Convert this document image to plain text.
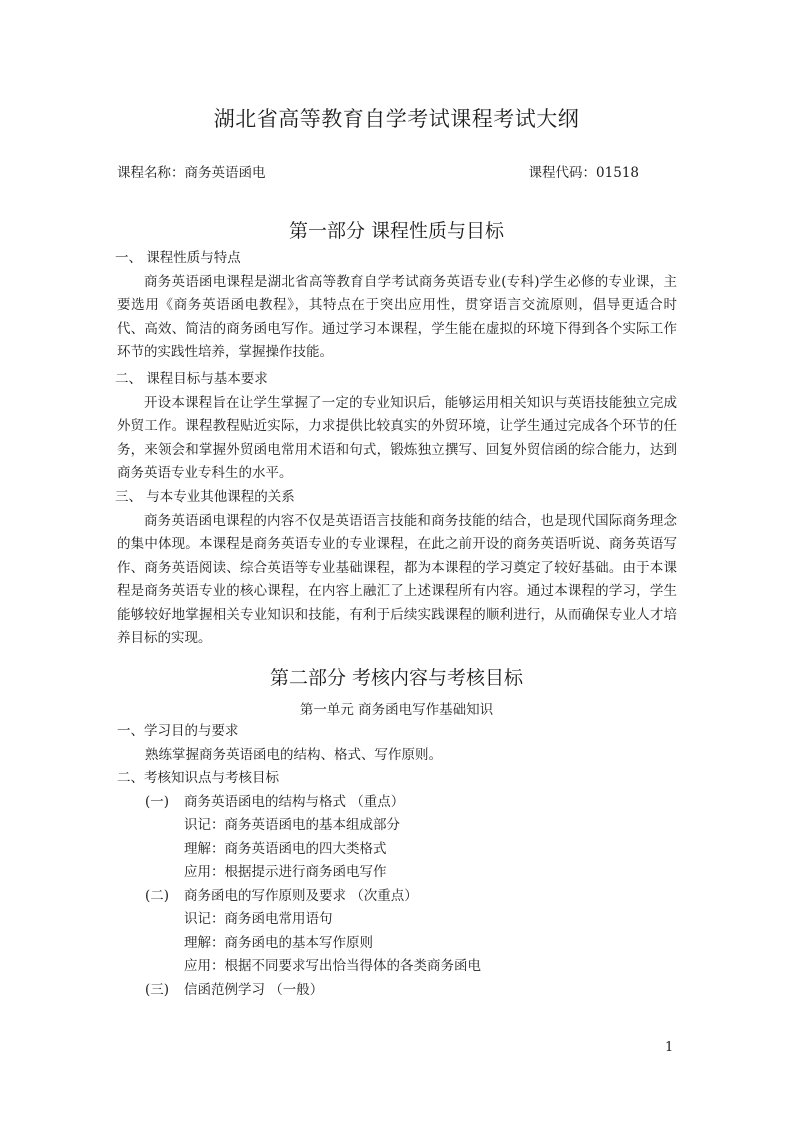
湖北省高等教育自学考试课程考试大纲
课程名称：商务英语函电	课程代码：01518
第一部分 课程性质与目标
一、 课程性质与特点
商务英语函电课程是湖北省高等教育自学考试商务英语专业(专科)学生必修的专业课，主要选用《商务英语函电教程》，其特点在于突出应用性，贯穿语言交流原则，倡导更适合时代、高效、简洁的商务函电写作。通过学习本课程，学生能在虚拟的环境下得到各个实际工作环节的实践性培养，掌握操作技能。
二、 课程目标与基本要求
开设本课程旨在让学生掌握了一定的专业知识后，能够运用相关知识与英语技能独立完成外贸工作。课程教程贴近实际，力求提供比较真实的外贸环境，让学生通过完成各个环节的任务，来领会和掌握外贸函电常用术语和句式，锻炼独立撰写、回复外贸信函的综合能力，达到商务英语专业专科生的水平。
三、 与本专业其他课程的关系
商务英语函电课程的内容不仅是英语语言技能和商务技能的结合，也是现代国际商务理念的集中体现。本课程是商务英语专业的专业课程，在此之前开设的商务英语听说、商务英语写作、商务英语阅读、综合英语等专业基础课程，都为本课程的学习奠定了较好基础。由于本课程是商务英语专业的核心课程，在内容上融汇了上述课程所有内容。通过本课程的学习，学生能够较好地掌握相关专业知识和技能，有利于后续实践课程的顺利进行，从而确保专业人才培养目标的实现。
第二部分 考核内容与考核目标
第一单元 商务函电写作基础知识
一、学习目的与要求
熟练掌握商务英语函电的结构、格式、写作原则。
二、考核知识点与考核目标
(一) 商务英语函电的结构与格式 （重点）
识记：商务英语函电的基本组成部分
理解：商务英语函电的四大类格式
应用：根据提示进行商务函电写作
(二) 商务函电的写作原则及要求 （次重点）
识记：商务函电常用语句
理解：商务函电的基本写作原则
应用：根据不同要求写出恰当得体的各类商务函电
(三) 信函范例学习 （一般）
1
